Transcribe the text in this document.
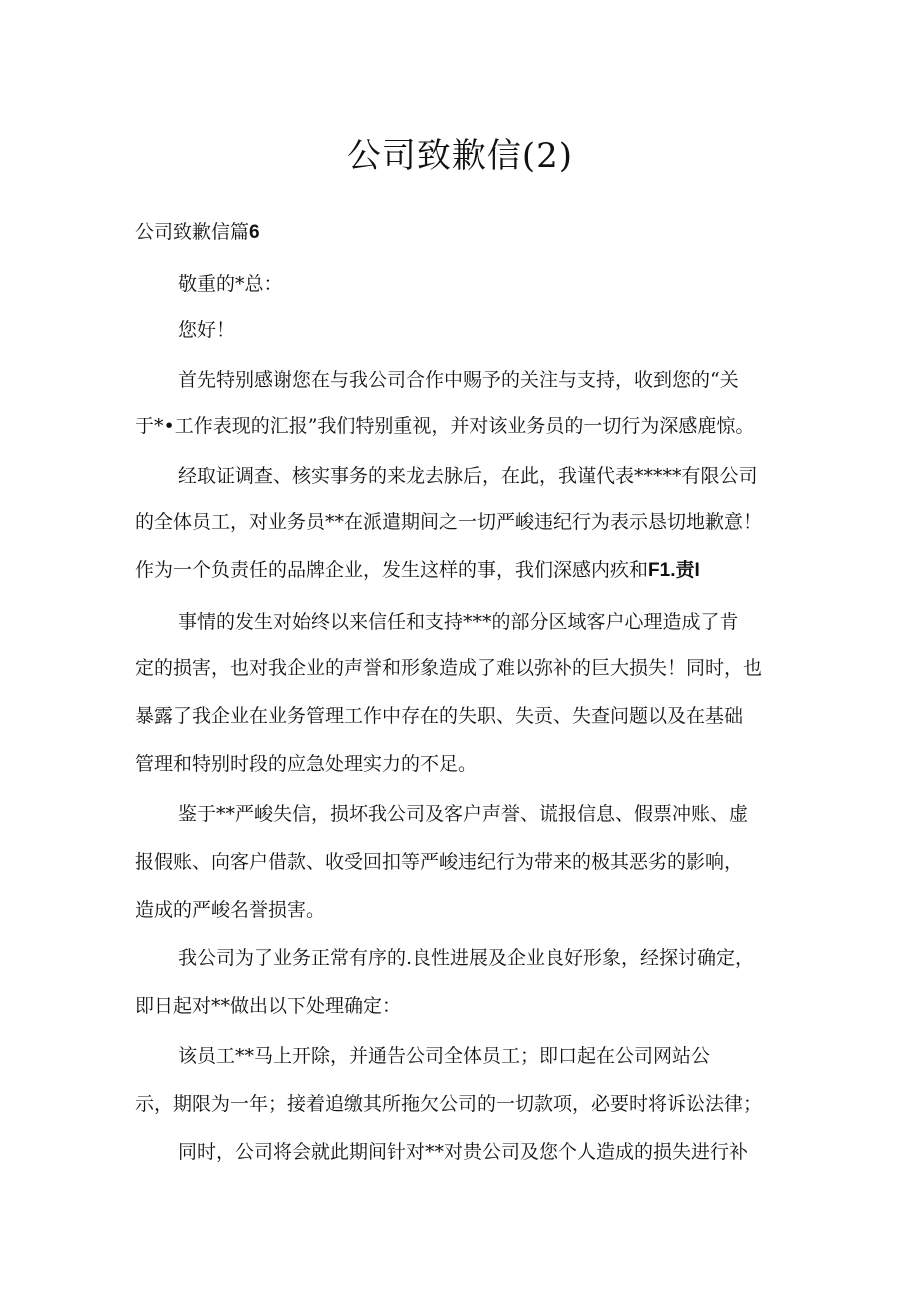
公司致歉信(2)
公司致歉信篇6
敬重的*总：
您好！
首先特别感谢您在与我公司合作中赐予的关注与支持，收到您的“关
于*•工作表现的汇报”我们特别重视，并对该业务员的一切行为深感鹿惊。
经取证调查、核实事务的来龙去脉后，在此，我谨代表*****有限公司
的全体员工，对业务员**在派遣期间之一切严峻违纪行为表示恳切地歉意！
作为一个负责任的品牌企业，发生这样的事，我们深感内疚和F1.责I
事情的发生对始终以来信任和支持***的部分区域客户心理造成了肯
定的损害，也对我企业的声誉和形象造成了难以弥补的巨大损失！同时，也
暴露了我企业在业务管理工作中存在的失职、失贡、失查问题以及在基础
管理和特别时段的应急处理实力的不足。
鉴于**严峻失信，损坏我公司及客户声誉、谎报信息、假票冲账、虚
报假账、向客户借款、收受回扣等严峻违纪行为带来的极其恶劣的影响，
造成的严峻名誉损害。
我公司为了业务正常有序的.良性进展及企业良好形象，经探讨确定，
即日起对**做出以下处理确定：
该员工**马上开除，并通告公司全体员工；即口起在公司网站公
示，期限为一年；接着追缴其所拖欠公司的一切款项，必要时将诉讼法律；
同时，公司将会就此期间针对**对贵公司及您个人造成的损失进行补
